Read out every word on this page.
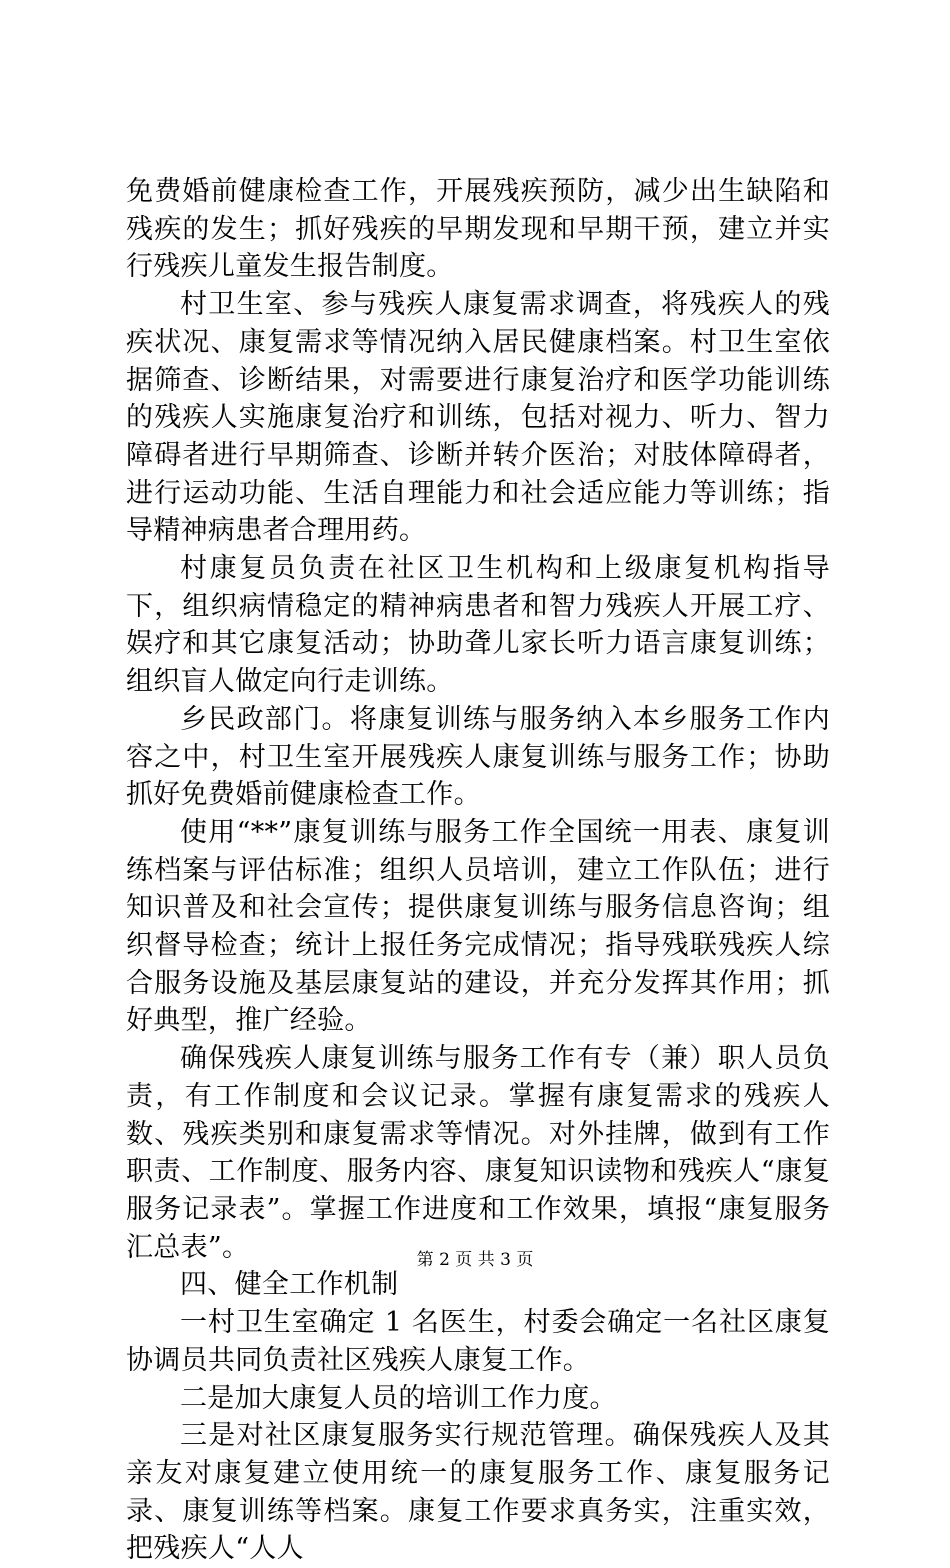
免费婚前健康检查工作，开展残疾预防，减少出生缺陷和残疾的发生；抓好残疾的早期发现和早期干预，建立并实行残疾儿童发生报告制度。

村卫生室、参与残疾人康复需求调查，将残疾人的残疾状况、康复需求等情况纳入居民健康档案。村卫生室依据筛查、诊断结果，对需要进行康复治疗和医学功能训练的残疾人实施康复治疗和训练，包括对视力、听力、智力障碍者进行早期筛查、诊断并转介医治；对肢体障碍者，进行运动功能、生活自理能力和社会适应能力等训练；指导精神病患者合理用药。

村康复员负责在社区卫生机构和上级康复机构指导下，组织病情稳定的精神病患者和智力残疾人开展工疗、娱疗和其它康复活动；协助聋儿家长听力语言康复训练；组织盲人做定向行走训练。

乡民政部门。将康复训练与服务纳入本乡服务工作内容之中，村卫生室开展残疾人康复训练与服务工作；协助抓好免费婚前健康检查工作。

使用“**”康复训练与服务工作全国统一用表、康复训练档案与评估标准；组织人员培训，建立工作队伍；进行知识普及和社会宣传；提供康复训练与服务信息咨询；组织督导检查；统计上报任务完成情况；指导残联残疾人综合服务设施及基层康复站的建设，并充分发挥其作用；抓好典型，推广经验。

确保残疾人康复训练与服务工作有专（兼）职人员负责，有工作制度和会议记录。掌握有康复需求的残疾人数、残疾类别和康复需求等情况。对外挂牌，做到有工作职责、工作制度、服务内容、康复知识读物和残疾人“康复服务记录表”。掌握工作进度和工作效果，填报“康复服务汇总表”。

四、健全工作机制

一村卫生室确定 1 名医生，村委会确定一名社区康复协调员共同负责社区残疾人康复工作。

二是加大康复人员的培训工作力度。

三是对社区康复服务实行规范管理。确保残疾人及其亲友对康复建立使用统一的康复服务工作、康复服务记录、康复训练等档案。康复工作要求真务实，注重实效，把残疾人“人人

第 2 页 共 3 页
